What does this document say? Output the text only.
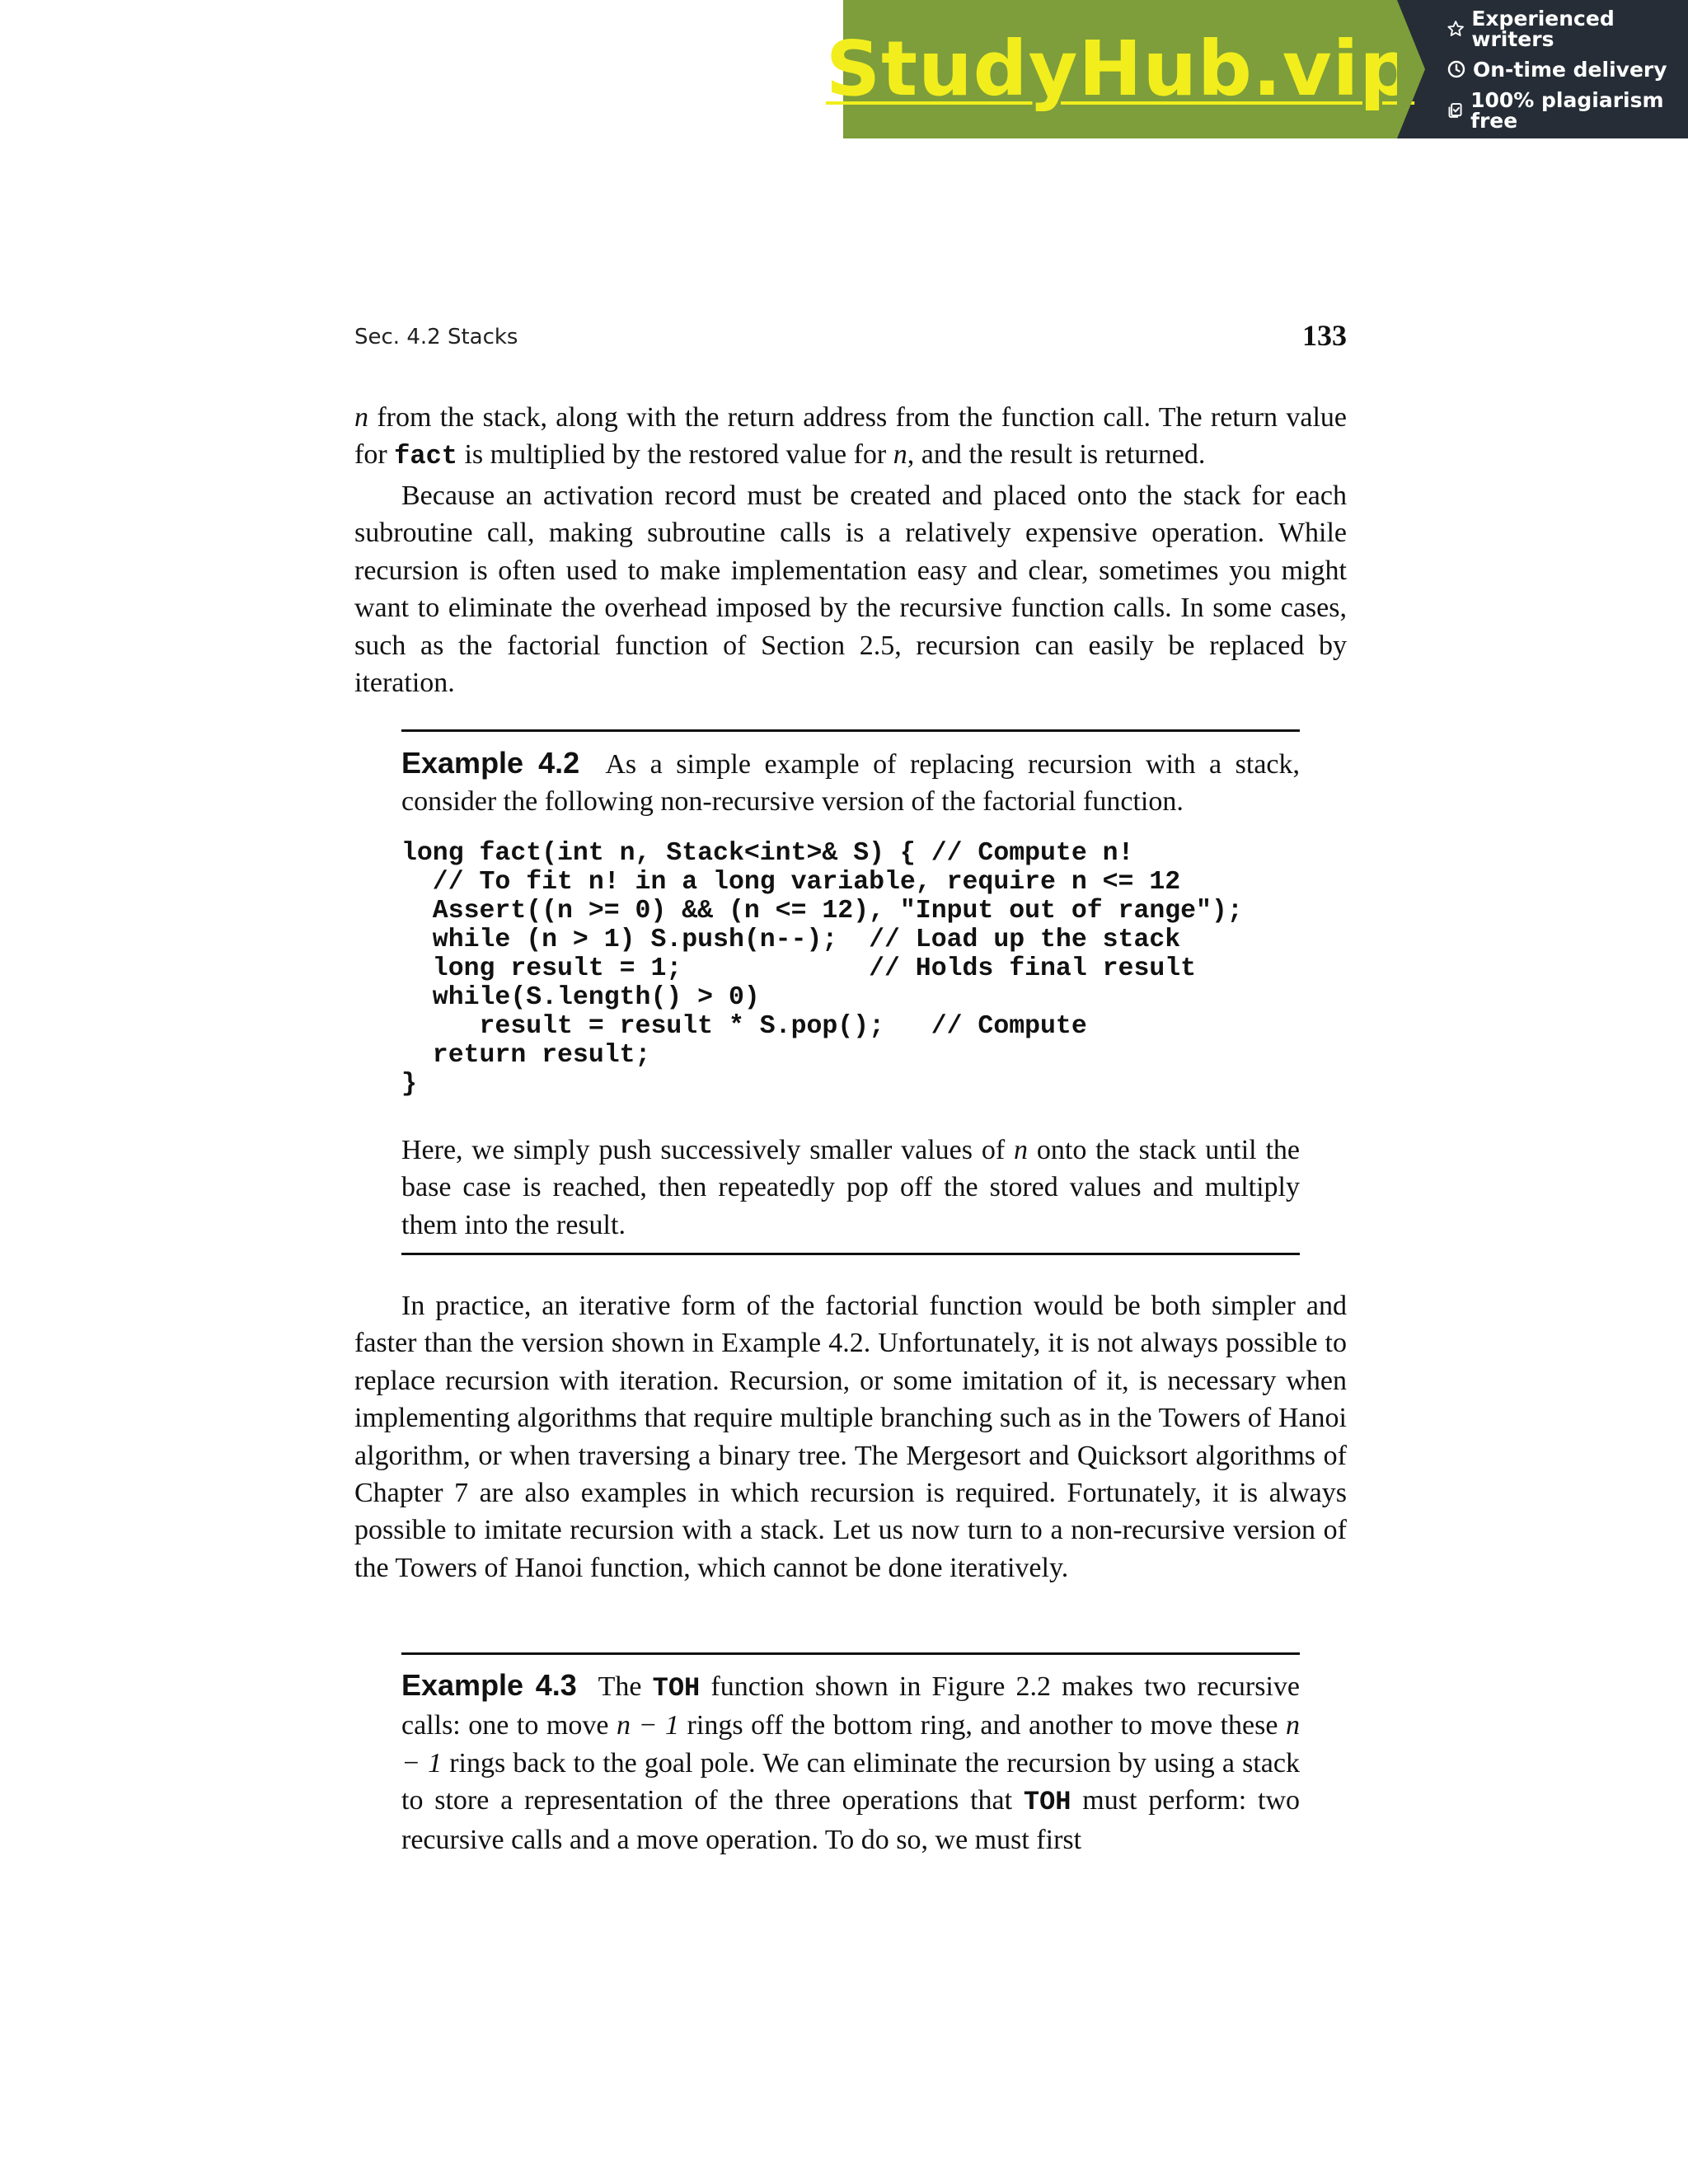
StudyHub.vip
Experienced writers
On-time delivery
100% plagiarism free
Sec. 4.2 Stacks	133

n from the stack, along with the return address from the function call. The return value for fact is multiplied by the restored value for n, and the result is returned.

Because an activation record must be created and placed onto the stack for each subroutine call, making subroutine calls is a relatively expensive operation. While recursion is often used to make implementation easy and clear, sometimes you might want to eliminate the overhead imposed by the recursive function calls. In some cases, such as the factorial function of Section 2.5, recursion can easily be replaced by iteration.

Example 4.2 As a simple example of replacing recursion with a stack, consider the following non-recursive version of the factorial function.

long fact(int n, Stack<int>& S) { // Compute n!
// To fit n! in a long variable, require n <= 12
Assert((n >= 0) && (n <= 12), "Input out of range");
while (n > 1) S.push(n--);  // Load up the stack
long result = 1;            // Holds final result
while(S.length() > 0)
result = result * S.pop();   // Compute
return result;
}

Here, we simply push successively smaller values of n onto the stack until the base case is reached, then repeatedly pop off the stored values and multiply them into the result.

In practice, an iterative form of the factorial function would be both simpler and faster than the version shown in Example 4.2. Unfortunately, it is not always possible to replace recursion with iteration. Recursion, or some imitation of it, is necessary when implementing algorithms that require multiple branching such as in the Towers of Hanoi algorithm, or when traversing a binary tree. The Mergesort and Quicksort algorithms of Chapter 7 are also examples in which recursion is required. Fortunately, it is always possible to imitate recursion with a stack. Let us now turn to a non-recursive version of the Towers of Hanoi function, which cannot be done iteratively.

Example 4.3 The TOH function shown in Figure 2.2 makes two recursive calls: one to move n − 1 rings off the bottom ring, and another to move these n − 1 rings back to the goal pole. We can eliminate the recursion by using a stack to store a representation of the three operations that TOH must perform: two recursive calls and a move operation. To do so, we must first
